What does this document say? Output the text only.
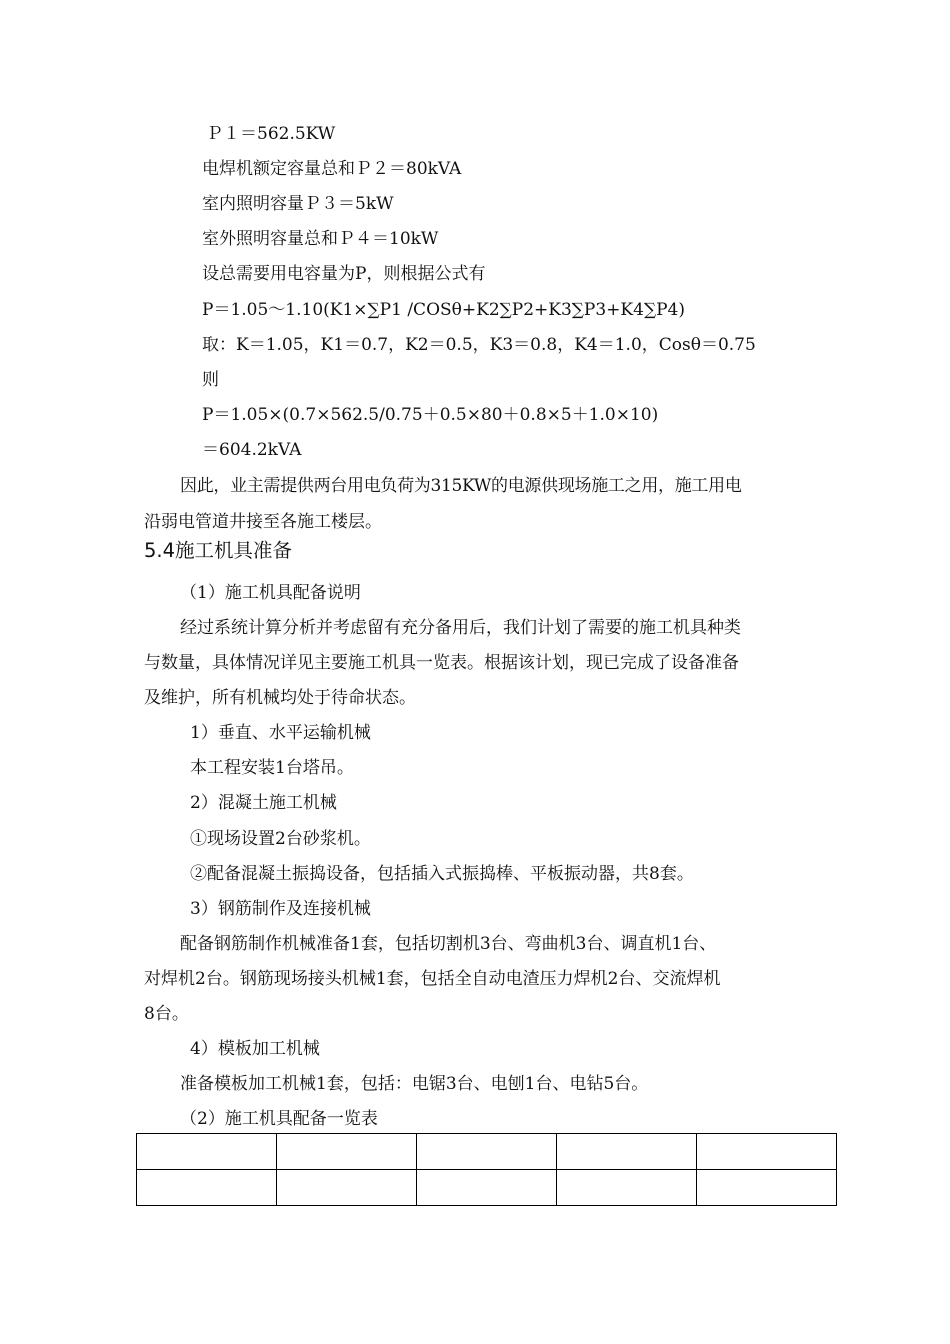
Ｐ１＝562.5KW
电焊机额定容量总和Ｐ２＝80kVA
室内照明容量Ｐ３＝5kW
室外照明容量总和Ｐ４＝10kW
设总需要用电容量为P，则根据公式有
P＝1.05～1.10(K1×∑P1 /COSθ+K2∑P2+K3∑P3+K4∑P4)
取：K＝1.05，K1＝0.7，K2＝0.5，K3＝0.8，K4＝1.0，Cosθ＝0.75
则
P＝1.05×(0.7×562.5/0.75＋0.5×80＋0.8×5＋1.0×10)
＝604.2kVA
因此，业主需提供两台用电负荷为315KW的电源供现场施工之用，施工用电
沿弱电管道井接至各施工楼层。
5.4施工机具准备
（1）施工机具配备说明
经过系统计算分析并考虑留有充分备用后，我们计划了需要的施工机具种类
与数量，具体情况详见主要施工机具一览表。根据该计划，现已完成了设备准备
及维护，所有机械均处于待命状态。
1）垂直、水平运输机械
本工程安装1台塔吊。
2）混凝土施工机械
①现场设置2台砂浆机。
②配备混凝土振捣设备，包括插入式振捣棒、平板振动器，共8套。
3）钢筋制作及连接机械
配备钢筋制作机械准备1套，包括切割机3台、弯曲机3台、调直机1台、
对焊机2台。钢筋现场接头机械1套，包括全自动电渣压力焊机2台、交流焊机
8台。
4）模板加工机械
准备模板加工机械1套，包括：电锯3台、电刨1台、电钻5台。
（2）施工机具配备一览表
